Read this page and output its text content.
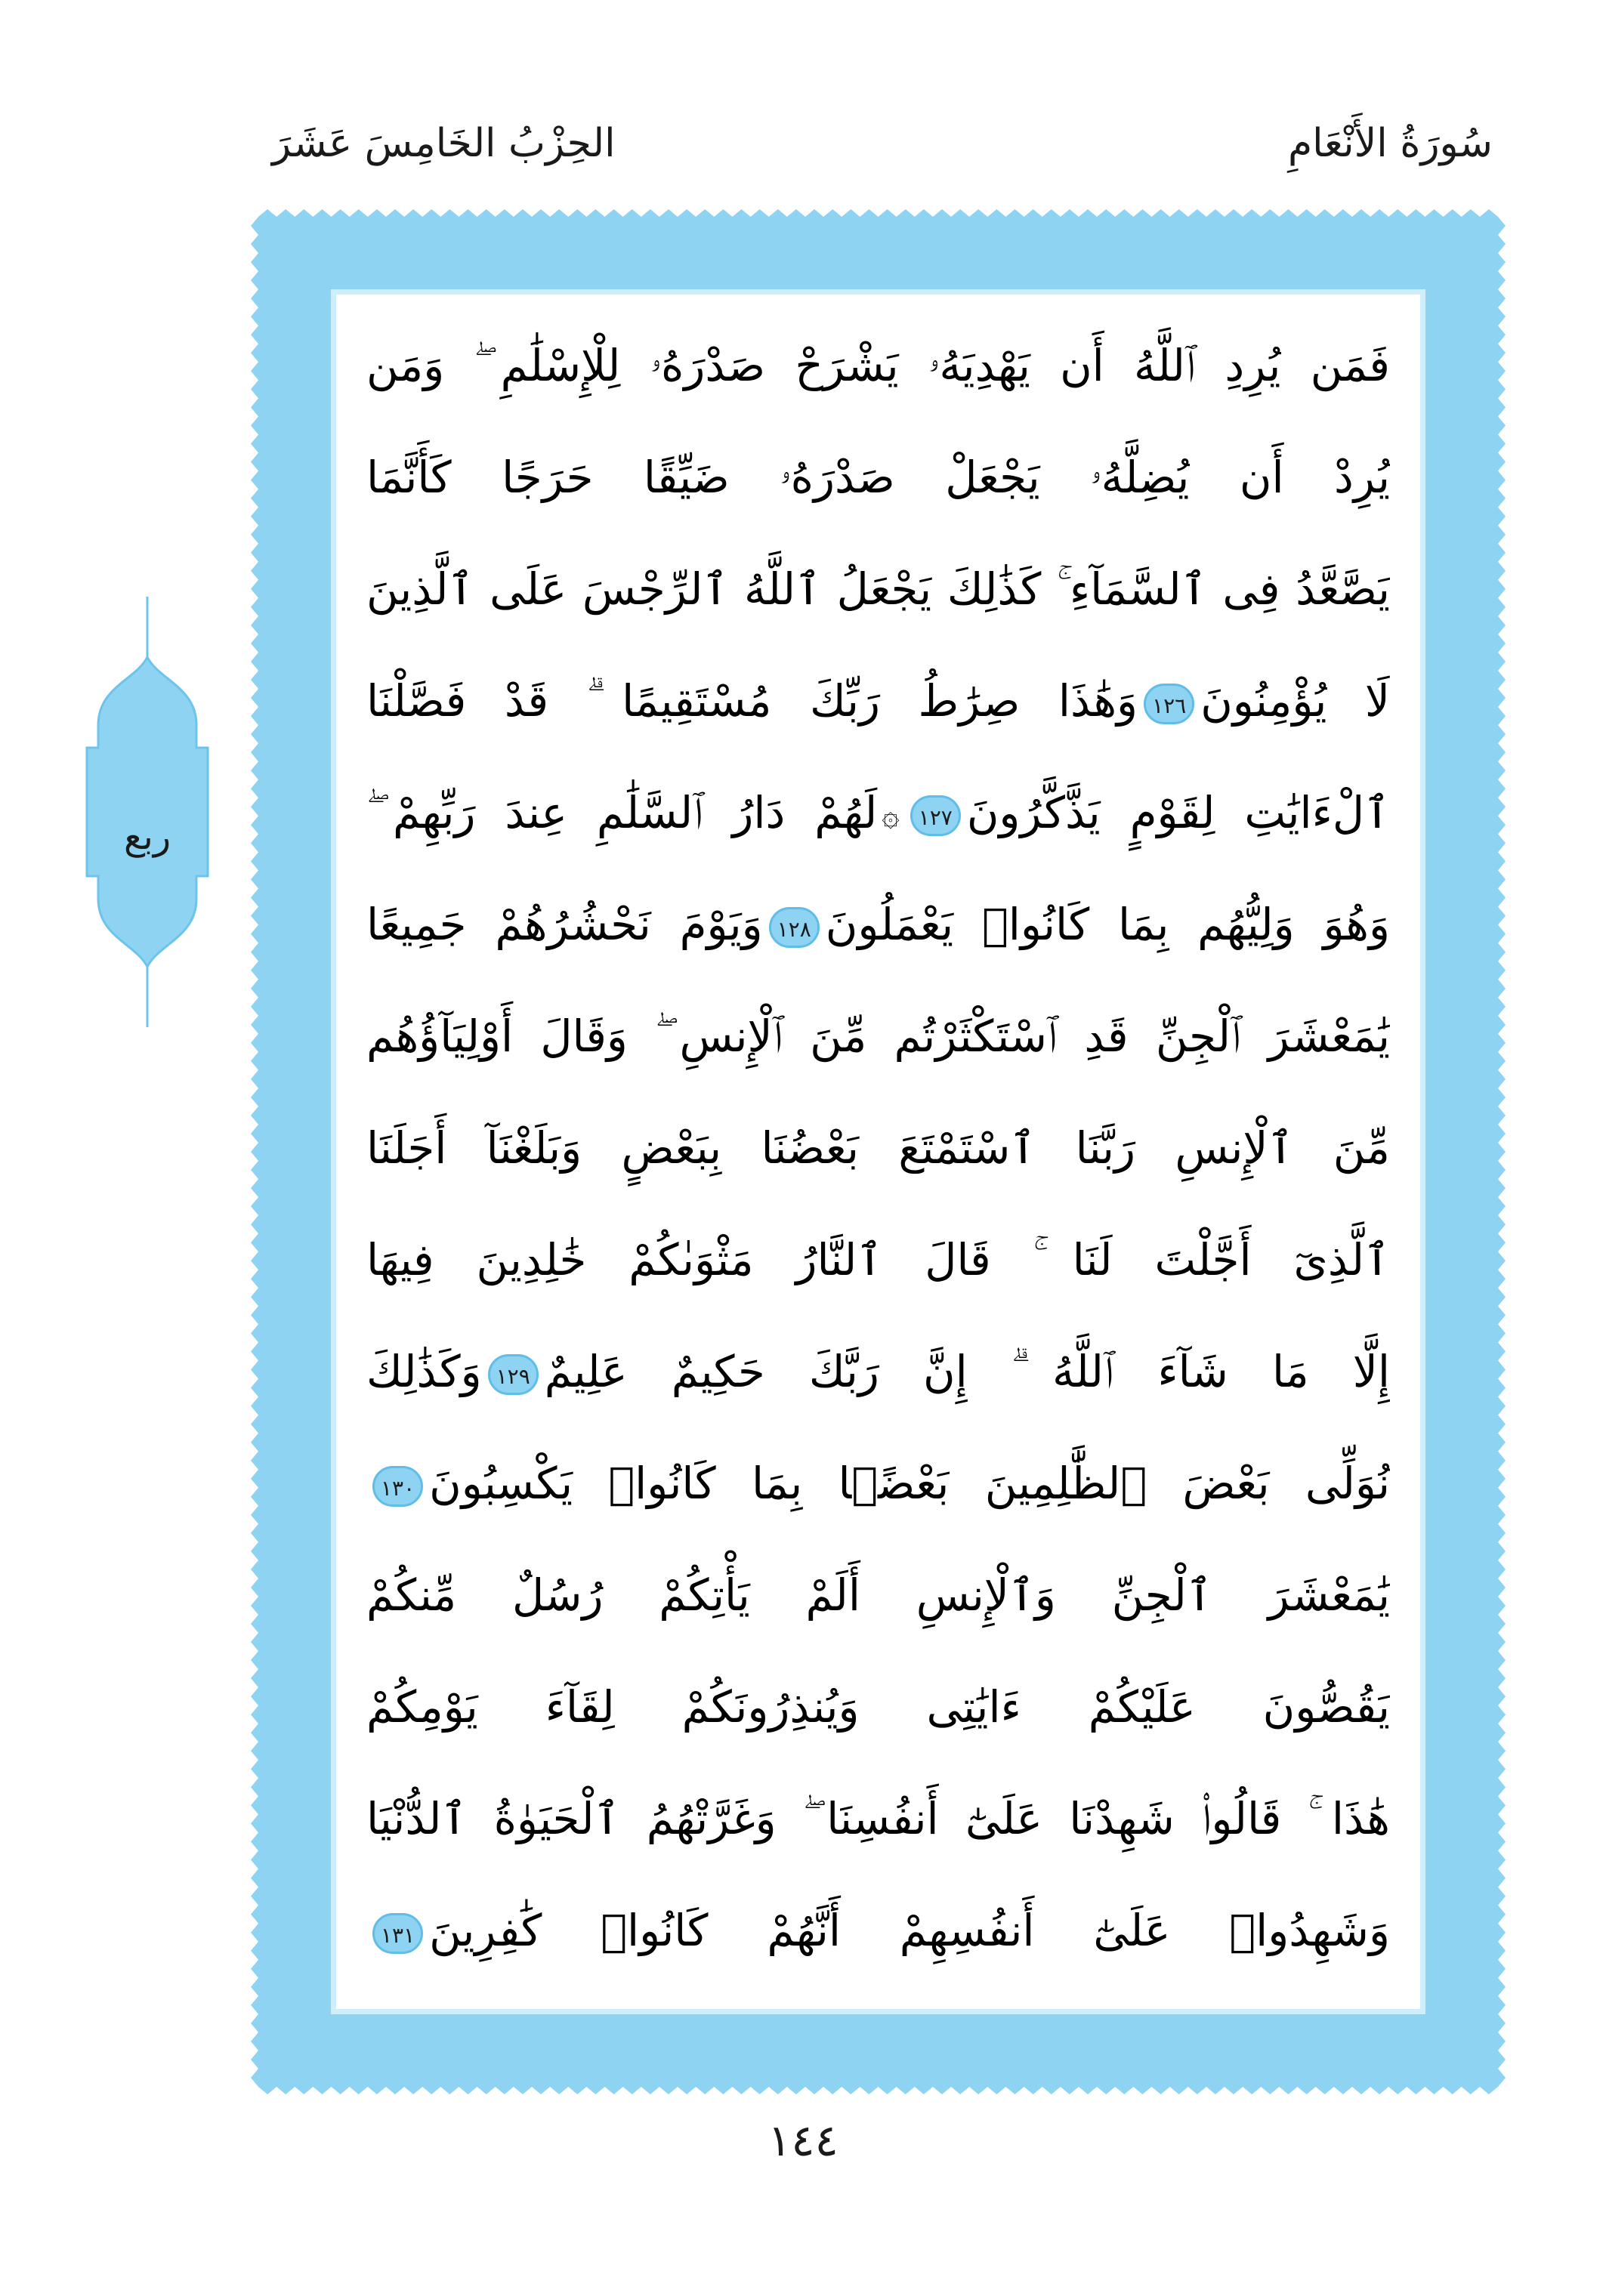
سُورَةُ الأَنْعَامِ
الحِزْبُ الخَامِسَ عَشَرَ
فَمَن يُرِدِ ٱللَّهُ أَن يَهْدِيَهُۥ يَشْرَحْ صَدْرَهُۥ لِلْإِسْلَٰمِ ۖ وَمَن
يُرِدْ أَن يُضِلَّهُۥ يَجْعَلْ صَدْرَهُۥ ضَيِّقًا حَرَجًا كَأَنَّمَا
يَصَّعَّدُ فِى ٱلسَّمَآءِ ۚ كَذَٰلِكَ يَجْعَلُ ٱللَّهُ ٱلرِّجْسَ عَلَى ٱلَّذِينَ
لَا يُؤْمِنُونَ١٢٦وَهَٰذَا صِرَٰطُ رَبِّكَ مُسْتَقِيمًا ۗ قَدْ فَصَّلْنَا
ٱلْءَايَٰتِ لِقَوْمٍ يَذَّكَّرُونَ١٢٧۞لَهُمْ دَارُ ٱلسَّلَٰمِ عِندَ رَبِّهِمْ ۖ
وَهُوَ وَلِيُّهُم بِمَا كَانُوا۟ يَعْمَلُونَ١٢٨وَيَوْمَ نَحْشُرُهُمْ جَمِيعًا
يَٰمَعْشَرَ ٱلْجِنِّ قَدِ ٱسْتَكْثَرْتُم مِّنَ ٱلْإِنسِ ۖ وَقَالَ أَوْلِيَآؤُهُم
مِّنَ ٱلْإِنسِ رَبَّنَا ٱسْتَمْتَعَ بَعْضُنَا بِبَعْضٍ وَبَلَغْنَآ أَجَلَنَا
ٱلَّذِىٓ أَجَّلْتَ لَنَا ۚ قَالَ ٱلنَّارُ مَثْوَىٰكُمْ خَٰلِدِينَ فِيهَا
إِلَّا مَا شَآءَ ٱللَّهُ ۗ إِنَّ رَبَّكَ حَكِيمٌ عَلِيمٌ١٢٩وَكَذَٰلِكَ
نُوَلِّى بَعْضَ ٱلظَّٰلِمِينَ بَعْضًۢا بِمَا كَانُوا۟ يَكْسِبُونَ١٣٠
يَٰمَعْشَرَ ٱلْجِنِّ وَٱلْإِنسِ أَلَمْ يَأْتِكُمْ رُسُلٌ مِّنكُمْ
يَقُصُّونَ عَلَيْكُمْ ءَايَٰتِى وَيُنذِرُونَكُمْ لِقَآءَ يَوْمِكُمْ
هَٰذَا ۚ قَالُوا۟ شَهِدْنَا عَلَىٰٓ أَنفُسِنَا ۖ وَغَرَّتْهُمُ ٱلْحَيَوٰةُ ٱلدُّنْيَا
وَشَهِدُوا۟ عَلَىٰٓ أَنفُسِهِمْ أَنَّهُمْ كَانُوا۟ كَٰفِرِينَ١٣١
ربع
١٤٤
